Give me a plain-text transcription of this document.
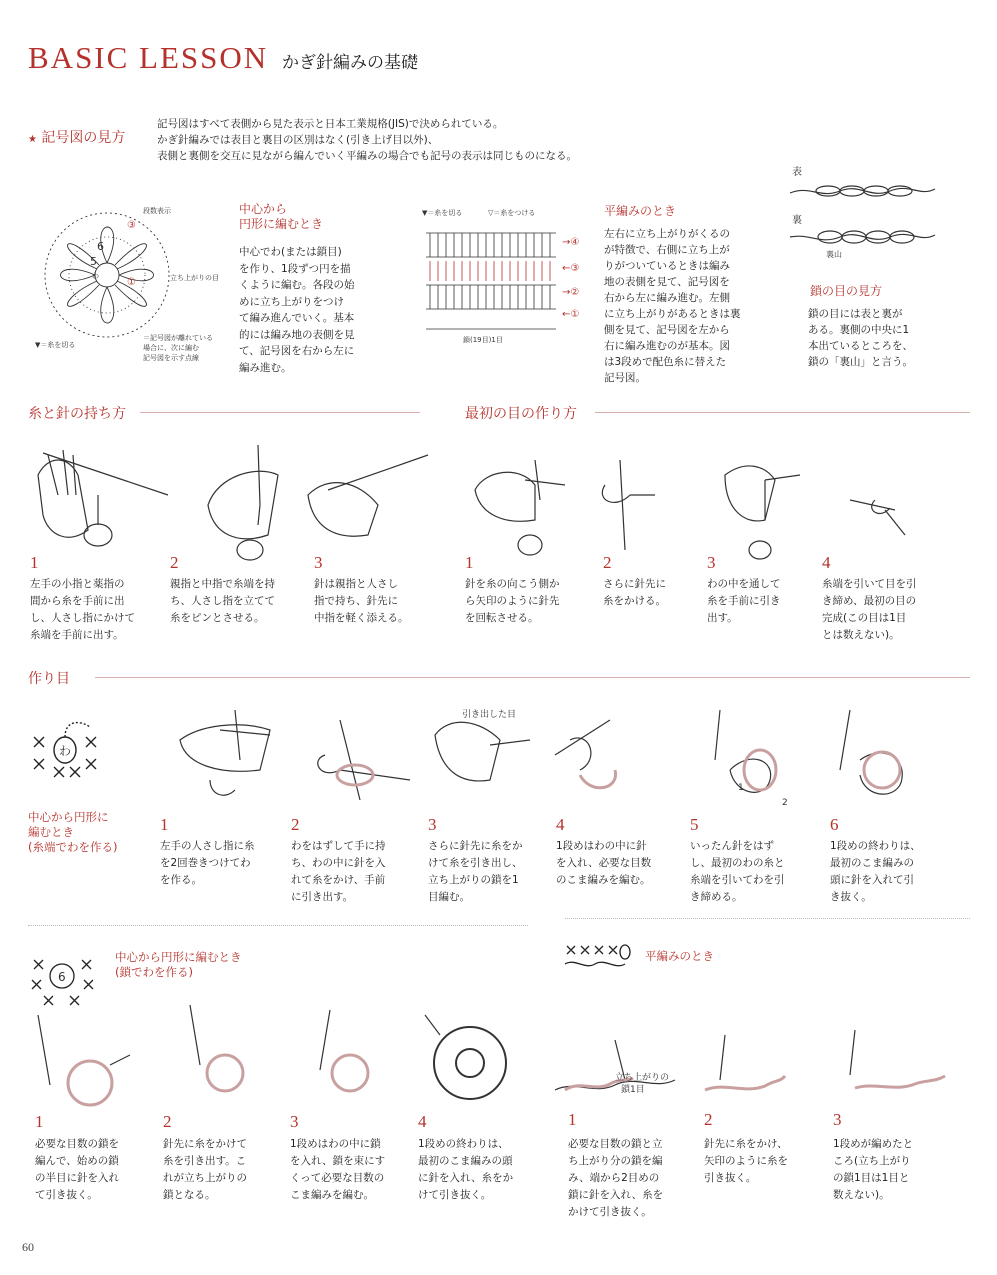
BASIC LESSON かぎ針編みの基礎
★ 記号図の見方
記号図はすべて表側から見た表示と日本工業規格(JIS)で決められている。
かぎ針編みでは表目と裏目の区別はなく(引き上げ目以外)、
表側と裏側を交互に見ながら編んでいく平編みの場合でも記号の表示は同じものになる。
わ
6
5
③
①
段数表示
立ち上がりの目
▼＝糸を切る
＝記号図が離れている
場合に、次に編む
記号図を示す点線
中心から
円形に編むとき
中心でわ(または鎖目)
を作り、1段ずつ円を描
くように編む。各段の始
めに立ち上がりをつけ
て編み進んでいく。基本
的には編み地の表側を見
て、記号図を右から左に
編み進む。
▼＝糸を切る	▽＝糸をつける
→④
←③
→②
←①
鎖(19目)1目
平編みのとき
左右に立ち上がりがくるの
が特徴で、右側に立ち上が
りがついているときは編み
地の表側を見て、記号図を
右から左に編み進む。左側
に立ち上がりがあるときは裏
側を見て、記号図を左から
右に編み進むのが基本。図
は3段めで配色糸に替えた
記号図。
表
裏
裏山
鎖の目の見方
鎖の目には表と裏が
ある。裏側の中央に1
本出ているところを、
鎖の「裏山」と言う。
糸と針の持ち方	最初の目の作り方
1
左手の小指と薬指の
間から糸を手前に出
し、人さし指にかけて
糸端を手前に出す。
2
親指と中指で糸端を持
ち、人さし指を立てて
糸をピンとさせる。
3
針は親指と人さし
指で持ち、針先に
中指を軽く添える。
1
針を糸の向こう側か
ら矢印のように針先
を回転させる。
2
さらに針先に
糸をかける。
3
わの中を通して
糸を手前に引き
出す。
4
糸端を引いて目を引
き締め、最初の目の
完成(この目は1目
とは数えない)。
作り目
わ
中心から円形に
編むとき
(糸端でわを作る)
引き出した目
1
2
1
左手の人さし指に糸
を2回巻きつけてわ
を作る。
2
わをはずして手に持
ち、わの中に針を入
れて糸をかけ、手前
に引き出す。
3
さらに針先に糸をか
けて糸を引き出し、
立ち上がりの鎖を1
目編む。
4
1段めはわの中に針
を入れ、必要な目数
のこま編みを編む。
5
いったん針をはず
し、最初のわの糸と
糸端を引いてわを引
き締める。
6
1段めの終わりは、
最初のこま編みの
頭に針を入れて引
き抜く。
6
中心から円形に編むとき
(鎖でわを作る)
1
必要な目数の鎖を
編んで、始めの鎖
の半目に針を入れ
て引き抜く。
2
針先に糸をかけて
糸を引き出す。こ
れが立ち上がりの
鎖となる。
3
1段めはわの中に鎖
を入れ、鎖を束にす
くって必要な目数の
こま編みを編む。
4
1段めの終わりは、
最初のこま編みの頭
に針を入れ、糸をか
けて引き抜く。
平編みのとき
立ち上がりの
鎖1目
1
必要な目数の鎖と立
ち上がり分の鎖を編
み、端から2目めの
鎖に針を入れ、糸を
かけて引き抜く。
2
針先に糸をかけ、
矢印のように糸を
引き抜く。
3
1段めが編めたと
ころ(立ち上がり
の鎖1目は1目と
数えない)。
60
